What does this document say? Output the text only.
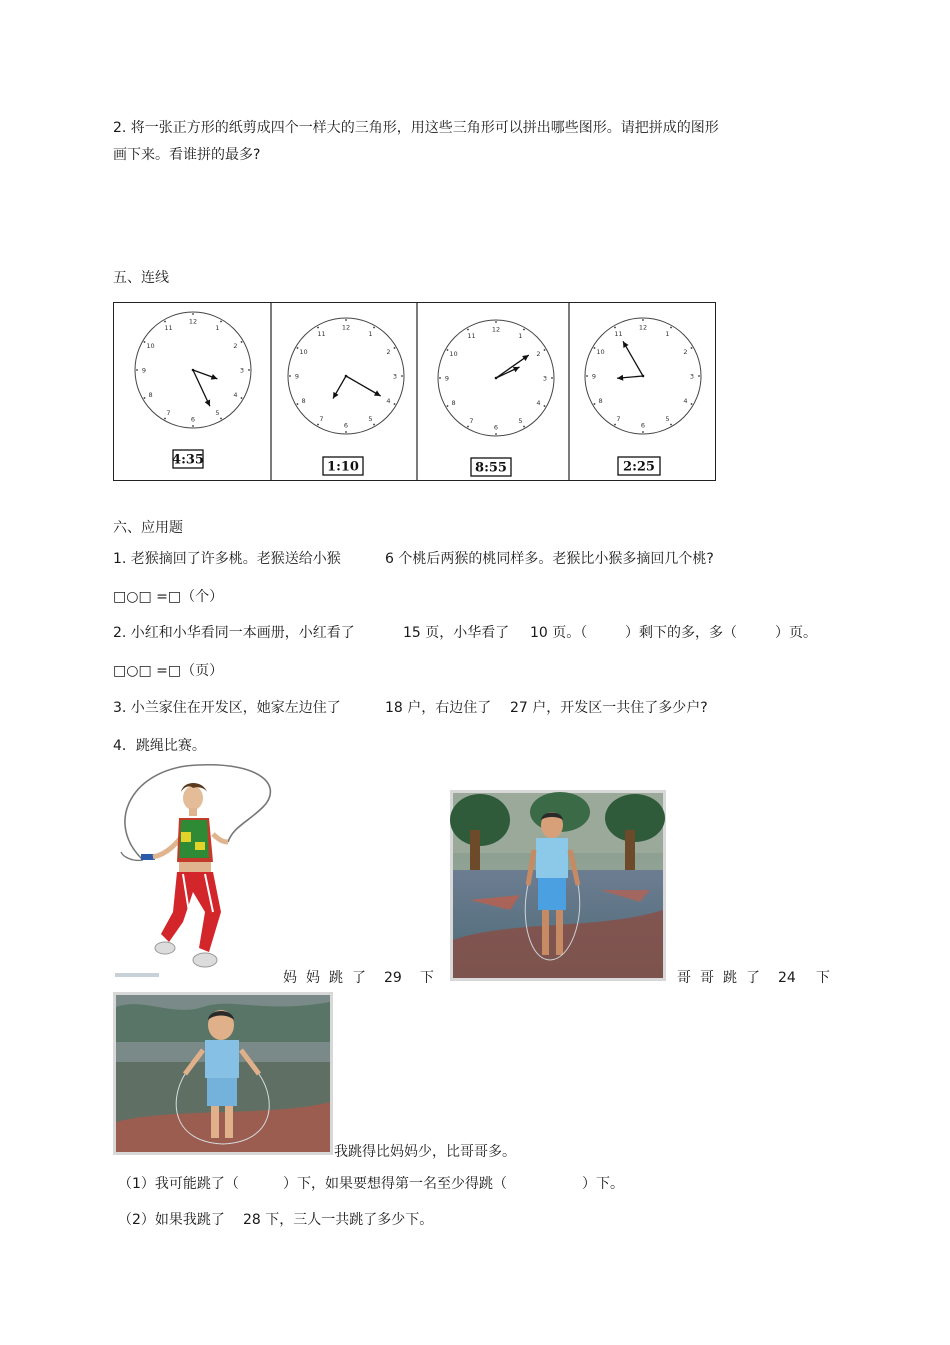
2. 将一张正方形的纸剪成四个一样大的三角形，用这些三角形可以拼出哪些图形。请把拼成的图形
画下来。看谁拼的最多?
五、连线
12
1
2
3
4
5
6
7
8
9
10
11
4:35
12
1
2
3
4
5
6
7
8
9
10
11
1:10
12
1
2
3
4
5
6
7
8
9
10
11
8:55
12
1
2
3
4
5
6
7
8
9
10
11
2:25
六、应用题
1. 老猴摘回了许多桃。老猴送给小猴	6 个桃后两猴的桃同样多。老猴比小猴多摘回几个桃?
□○□ =□（个）
2. 小红和小华看同一本画册，小红看了	15 页，小华看了 10 页。（	）剩下的多，多（	）页。
□○□ =□（页）
3. 小兰家住在开发区，她家左边住了	18 户，右边住了 27 户，开发区一共住了多少户?
4．跳绳比赛。
妈 妈 跳 了 29 下	哥 哥 跳 了 24 下
我跳得比妈妈少，比哥哥多。
（1）我可能跳了（	）下，如果要想得第一名至少得跳（	）下。
（2）如果我跳了 28 下，三人一共跳了多少下。
